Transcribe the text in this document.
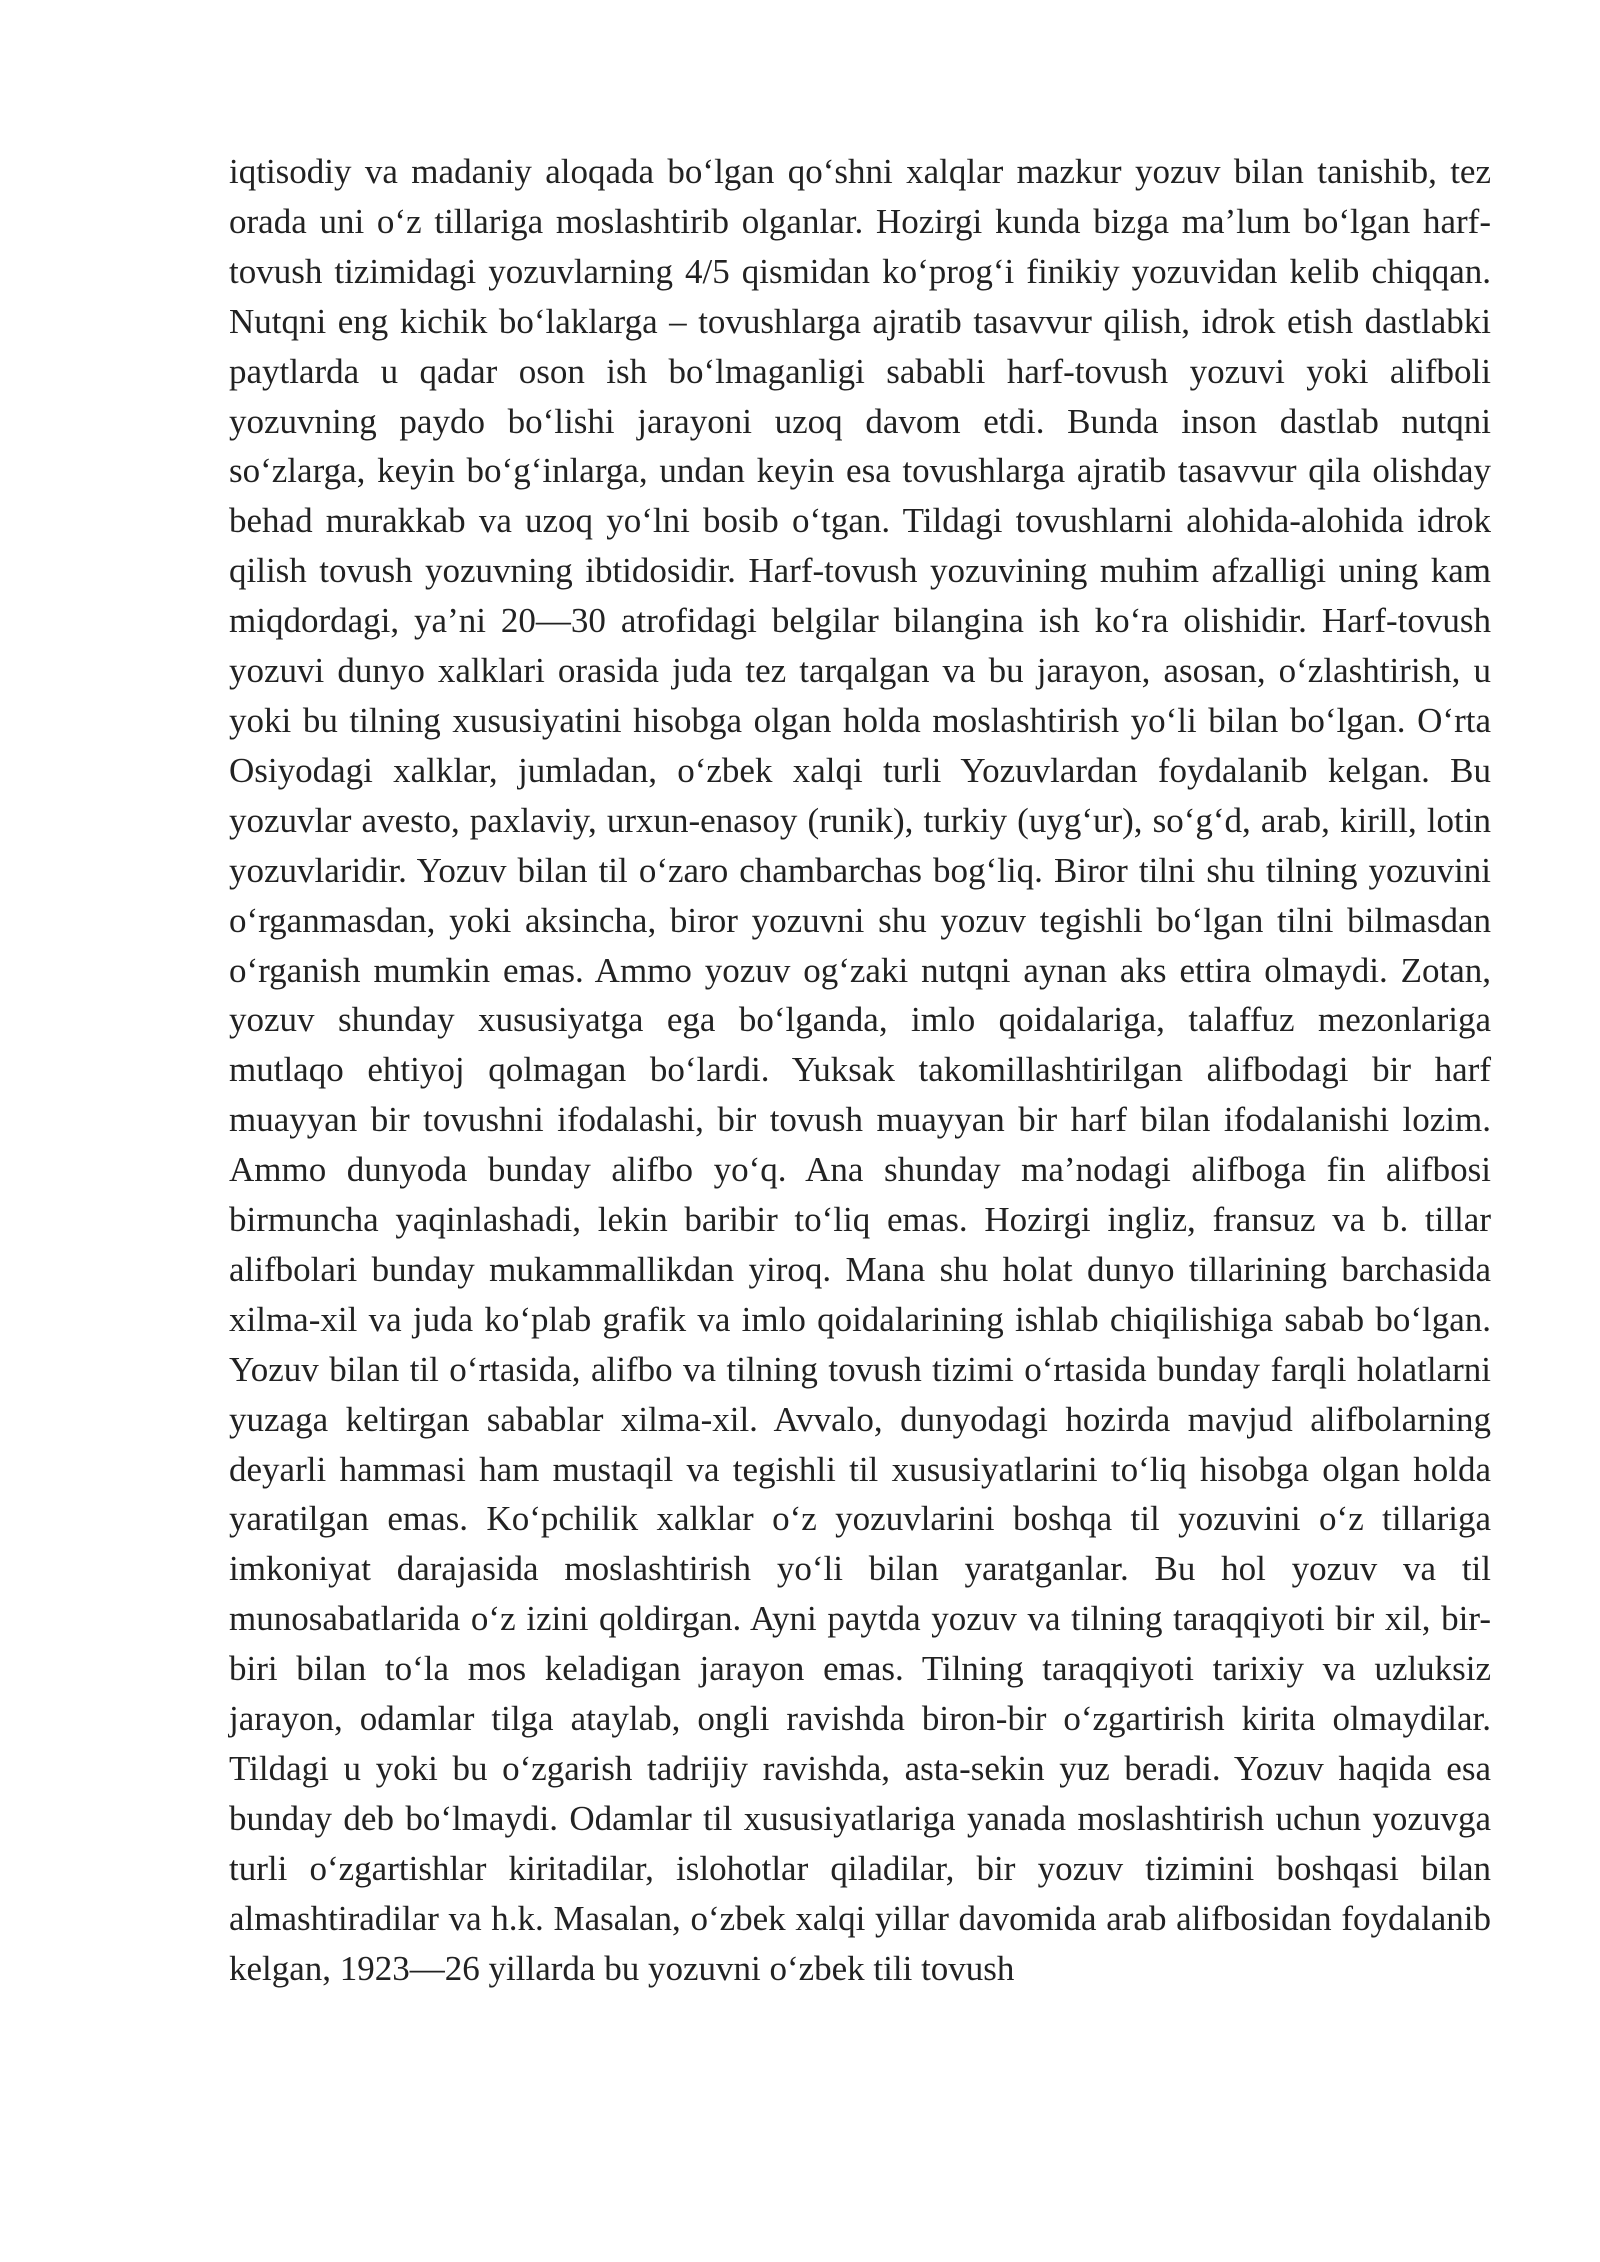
iqtisodiy va madaniy aloqada bo‘lgan qo‘shni xalqlar mazkur yozuv bilan tanishib, tez orada uni o‘z tillariga moslashtirib olganlar. Hozirgi kunda bizga ma’lum bo‘lgan harf-tovush tizimidagi yozuvlarning 4/5 qismidan ko‘prog‘i finikiy yozuvidan kelib chiqqan. Nutqni eng kichik bo‘laklarga – tovushlarga ajratib tasavvur qilish, idrok etish dastlabki paytlarda u qadar oson ish bo‘lmaganligi sababli harf-tovush yozuvi yoki alifboli yozuvning paydo bo‘lishi jarayoni uzoq davom etdi. Bunda inson dastlab nutqni so‘zlarga, keyin bo‘g‘inlarga, undan keyin esa tovushlarga ajratib tasavvur qila olishday behad murakkab va uzoq yo‘lni bosib o‘tgan. Tildagi tovushlarni alohida-alohida idrok qilish tovush yozuvning ibtidosidir. Harf-tovush yozuvining muhim afzalligi uning kam miqdordagi, ya’ni 20—30 atrofidagi belgilar bilangina ish ko‘ra olishidir. Harf-tovush yozuvi dunyo xalklari orasida juda tez tarqalgan va bu jarayon, asosan, o‘zlashtirish, u yoki bu tilning xususiyatini hisobga olgan holda moslashtirish yo‘li bilan bo‘lgan. O‘rta Osiyodagi xalklar, jumladan, o‘zbek xalqi turli Yozuvlardan foydalanib kelgan. Bu yozuvlar avesto, paxlaviy, urxun-enasoy (runik), turkiy (uyg‘ur), so‘g‘d, arab, kirill, lotin yozuvlaridir. Yozuv bilan til o‘zaro chambarchas bog‘liq. Biror tilni shu tilning yozuvini o‘rganmasdan, yoki aksincha, biror yozuvni shu yozuv tegishli bo‘lgan tilni bilmasdan o‘rganish mumkin emas. Ammo yozuv og‘zaki nutqni aynan aks ettira olmaydi. Zotan, yozuv shunday xususiyatga ega bo‘lganda, imlo qoidalariga, talaffuz mezonlariga mutlaqo ehtiyoj qolmagan bo‘lardi. Yuksak takomillashtirilgan alifbodagi bir harf muayyan bir tovushni ifodalashi, bir tovush muayyan bir harf bilan ifodalanishi lozim. Ammo dunyoda bunday alifbo yo‘q. Ana shunday ma’nodagi alifboga fin alifbosi birmuncha yaqinlashadi, lekin baribir to‘liq emas. Hozirgi ingliz, fransuz va b. tillar alifbolari bunday mukammallikdan yiroq. Mana shu holat dunyo tillarining barchasida xilma-xil va juda ko‘plab grafik va imlo qoidalarining ishlab chiqilishiga sabab bo‘lgan. Yozuv bilan til o‘rtasida, alifbo va tilning tovush tizimi o‘rtasida bunday farqli holatlarni yuzaga keltirgan sabablar xilma-xil. Avvalo, dunyodagi hozirda mavjud alifbolarning deyarli hammasi ham mustaqil va tegishli til xususiyatlarini to‘liq hisobga olgan holda yaratilgan emas. Ko‘pchilik xalklar o‘z yozuvlarini boshqa til yozuvini o‘z tillariga imkoniyat darajasida moslashtirish yo‘li bilan yaratganlar. Bu hol yozuv va til munosabatlarida o‘z izini qoldirgan. Ayni paytda yozuv va tilning taraqqiyoti bir xil, bir-biri bilan to‘la mos keladigan jarayon emas. Tilning taraqqiyoti tarixiy va uzluksiz jarayon, odamlar tilga ataylab, ongli ravishda biron-bir o‘zgartirish kirita olmaydilar. Tildagi u yoki bu o‘zgarish tadrijiy ravishda, asta-sekin yuz beradi. Yozuv haqida esa bunday deb bo‘lmaydi. Odamlar til xususiyatlariga yanada moslashtirish uchun yozuvga turli o‘zgartishlar kiritadilar, islohotlar qiladilar, bir yozuv tizimini boshqasi bilan almashtiradilar va h.k. Masalan, o‘zbek xalqi yillar davomida arab alifbosidan foydalanib kelgan, 1923—26 yillarda bu yozuvni o‘zbek tili tovush
